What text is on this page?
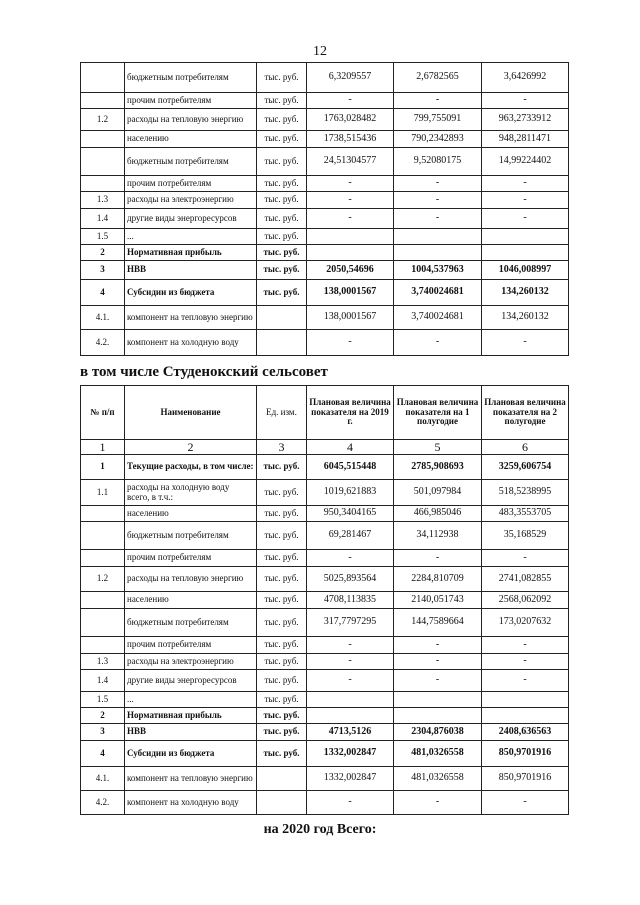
12
	бюджетным потребителям	тыс. руб.	6,3209557	2,6782565	3,6426992
	прочим потребителям	тыс. руб.	-	-	-
1.2	расходы на тепловую энергию	тыс. руб.	1763,028482	799,755091	963,2733912
	населению	тыс. руб.	1738,515436	790,2342893	948,2811471
	бюджетным потребителям	тыс. руб.	24,51304577	9,52080175	14,99224402
	прочим потребителям	тыс. руб.	-	-	-
1.3	расходы на электроэнергию	тыс. руб.	-	-	-
1.4	другие виды энергоресурсов	тыс. руб.	-	-	-
1.5	...	тыс. руб.			
2	Нормативная прибыль	тыс. руб.			
3	НВВ	тыс. руб.	2050,54696	1004,537963	1046,008997
4	Субсидии из бюджета	тыс. руб.	138,0001567	3,740024681	134,260132
4.1.	компонент на тепловую энергию		138,0001567	3,740024681	134,260132
4.2.	компонент на холодную воду		-	-	-
в том числе Студенокский сельсовет
№ п/п	Наименование	Ед. изм.	Плановая величина показателя на 2019 г.	Плановая величина показателя на 1 полугодие	Плановая величина показателя на 2 полугодие
1	2	3	4	5	6
1	Текущие расходы, в том числе:	тыс. руб.	6045,515448	2785,908693	3259,606754
1.1	расходы на холодную воду всего, в т.ч.:	тыс. руб.	1019,621883	501,097984	518,5238995
	населению	тыс. руб.	950,3404165	466,985046	483,3553705
	бюджетным потребителям	тыс. руб.	69,281467	34,112938	35,168529
	прочим потребителям	тыс. руб.	-	-	-
1.2	расходы на тепловую энергию	тыс. руб.	5025,893564	2284,810709	2741,082855
	населению	тыс. руб.	4708,113835	2140,051743	2568,062092
	бюджетным потребителям	тыс. руб.	317,7797295	144,7589664	173,0207632
	прочим потребителям	тыс. руб.	-	-	-
1.3	расходы на электроэнергию	тыс. руб.	-	-	-
1.4	другие виды энергоресурсов	тыс. руб.	-	-	-
1.5	...	тыс. руб.			
2	Нормативная прибыль	тыс. руб.			
3	НВВ	тыс. руб.	4713,5126	2304,876038	2408,636563
4	Субсидии из бюджета	тыс. руб.	1332,002847	481,0326558	850,9701916
4.1.	компонент на тепловую энергию		1332,002847	481,0326558	850,9701916
4.2.	компонент на холодную воду		-	-	-
на 2020 год Всего:
